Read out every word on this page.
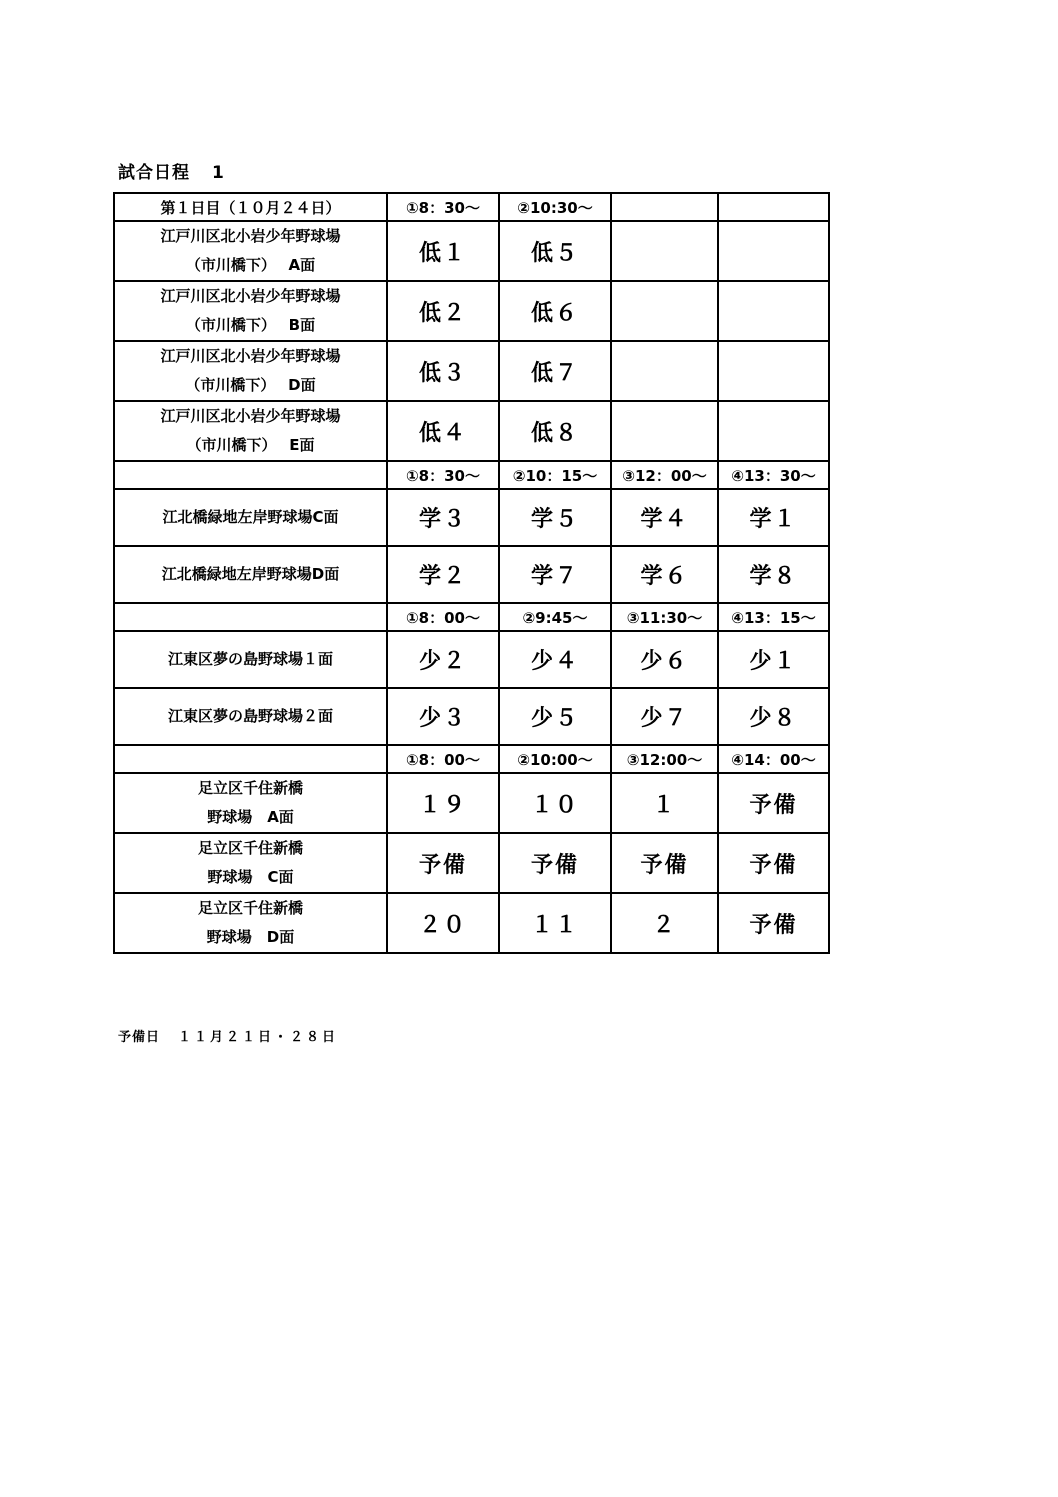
試合日程 1
第１日目（１０月２４日）	①8：30〜	②10:30〜		

江戸川区北小岩少年野球場
（市川橋下）　 A面	低１	低５		

江戸川区北小岩少年野球場
（市川橋下）　 B面	低２	低６		

江戸川区北小岩少年野球場
（市川橋下）　 D面	低３	低７		

江戸川区北小岩少年野球場
（市川橋下）　 E面	低４	低８		
	①8：30〜	②10：15〜	③12：00〜	④13：30〜
江北橋緑地左岸野球場C面	学３	学５	学４	学１
江北橋緑地左岸野球場D面	学２	学７	学６	学８
	①8：00〜	②9:45〜	③11:30〜	④13：15〜
江東区夢の島野球場１面	少２	少４	少６	少１
江東区夢の島野球場２面	少３	少５	少７	少８
	①8：00〜	②10:00〜	③12:00〜	④14：00〜

足立区千住新橋
野球場　A面	１９	１０	１	予備

足立区千住新橋
野球場　C面	予備	予備	予備	予備

足立区千住新橋
野球場　D面	２０	１１	２	予備
予備日 １１月２１日・２８日
